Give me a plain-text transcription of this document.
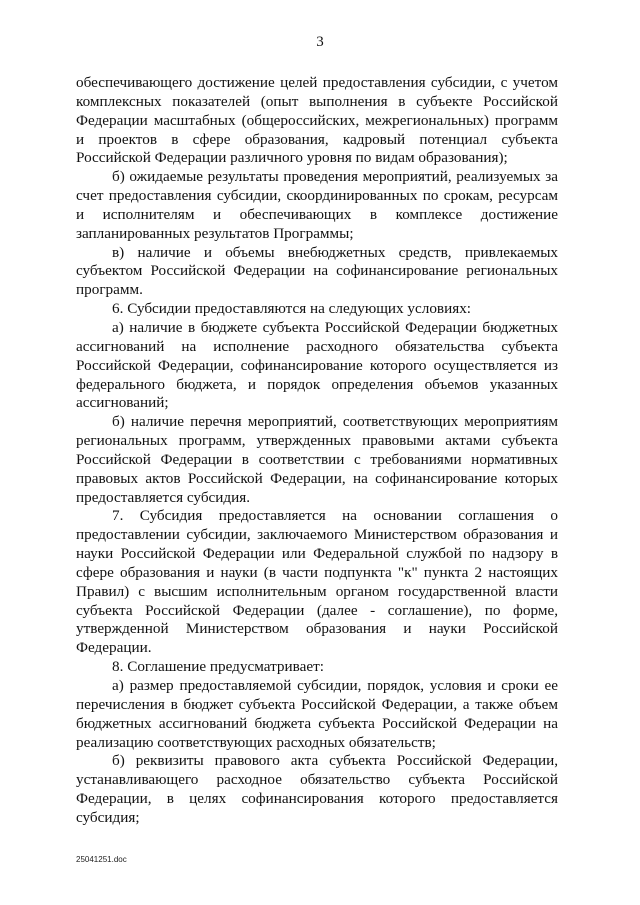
3

обеспечивающего достижение целей предоставления субсидии, с учетом комплексных показателей (опыт выполнения в субъекте Российской Федерации масштабных (общероссийских, межрегиональных) программ и проектов в сфере образования, кадровый потенциал субъекта Российской Федерации различного уровня по видам образования);

б) ожидаемые результаты проведения мероприятий, реализуемых за счет предоставления субсидии, скоординированных по срокам, ресурсам и исполнителям и обеспечивающих в комплексе достижение запланированных результатов Программы;

в) наличие и объемы внебюджетных средств, привлекаемых субъектом Российской Федерации на софинансирование региональных программ.

6. Субсидии предоставляются на следующих условиях:

а) наличие в бюджете субъекта Российской Федерации бюджетных ассигнований на исполнение расходного обязательства субъекта Российской Федерации, софинансирование которого осуществляется из федерального бюджета, и порядок определения объемов указанных ассигнований;

б) наличие перечня мероприятий, соответствующих мероприятиям региональных программ, утвержденных правовыми актами субъекта Российской Федерации в соответствии с требованиями нормативных правовых актов Российской Федерации, на софинансирование которых предоставляется субсидия.

7. Субсидия предоставляется на основании соглашения о предоставлении субсидии, заключаемого Министерством образования и науки Российской Федерации или Федеральной службой по надзору в сфере образования и науки (в части подпункта "к" пункта 2 настоящих Правил) с высшим исполнительным органом государственной власти субъекта Российской Федерации (далее - соглашение), по форме, утвержденной Министерством образования и науки Российской Федерации.

8. Соглашение предусматривает:

а) размер предоставляемой субсидии, порядок, условия и сроки ее перечисления в бюджет субъекта Российской Федерации, а также объем бюджетных ассигнований бюджета субъекта Российской Федерации на реализацию соответствующих расходных обязательств;

б) реквизиты правового акта субъекта Российской Федерации, устанавливающего расходное обязательство субъекта Российской Федерации, в целях софинансирования которого предоставляется субсидия;

25041251.doc
